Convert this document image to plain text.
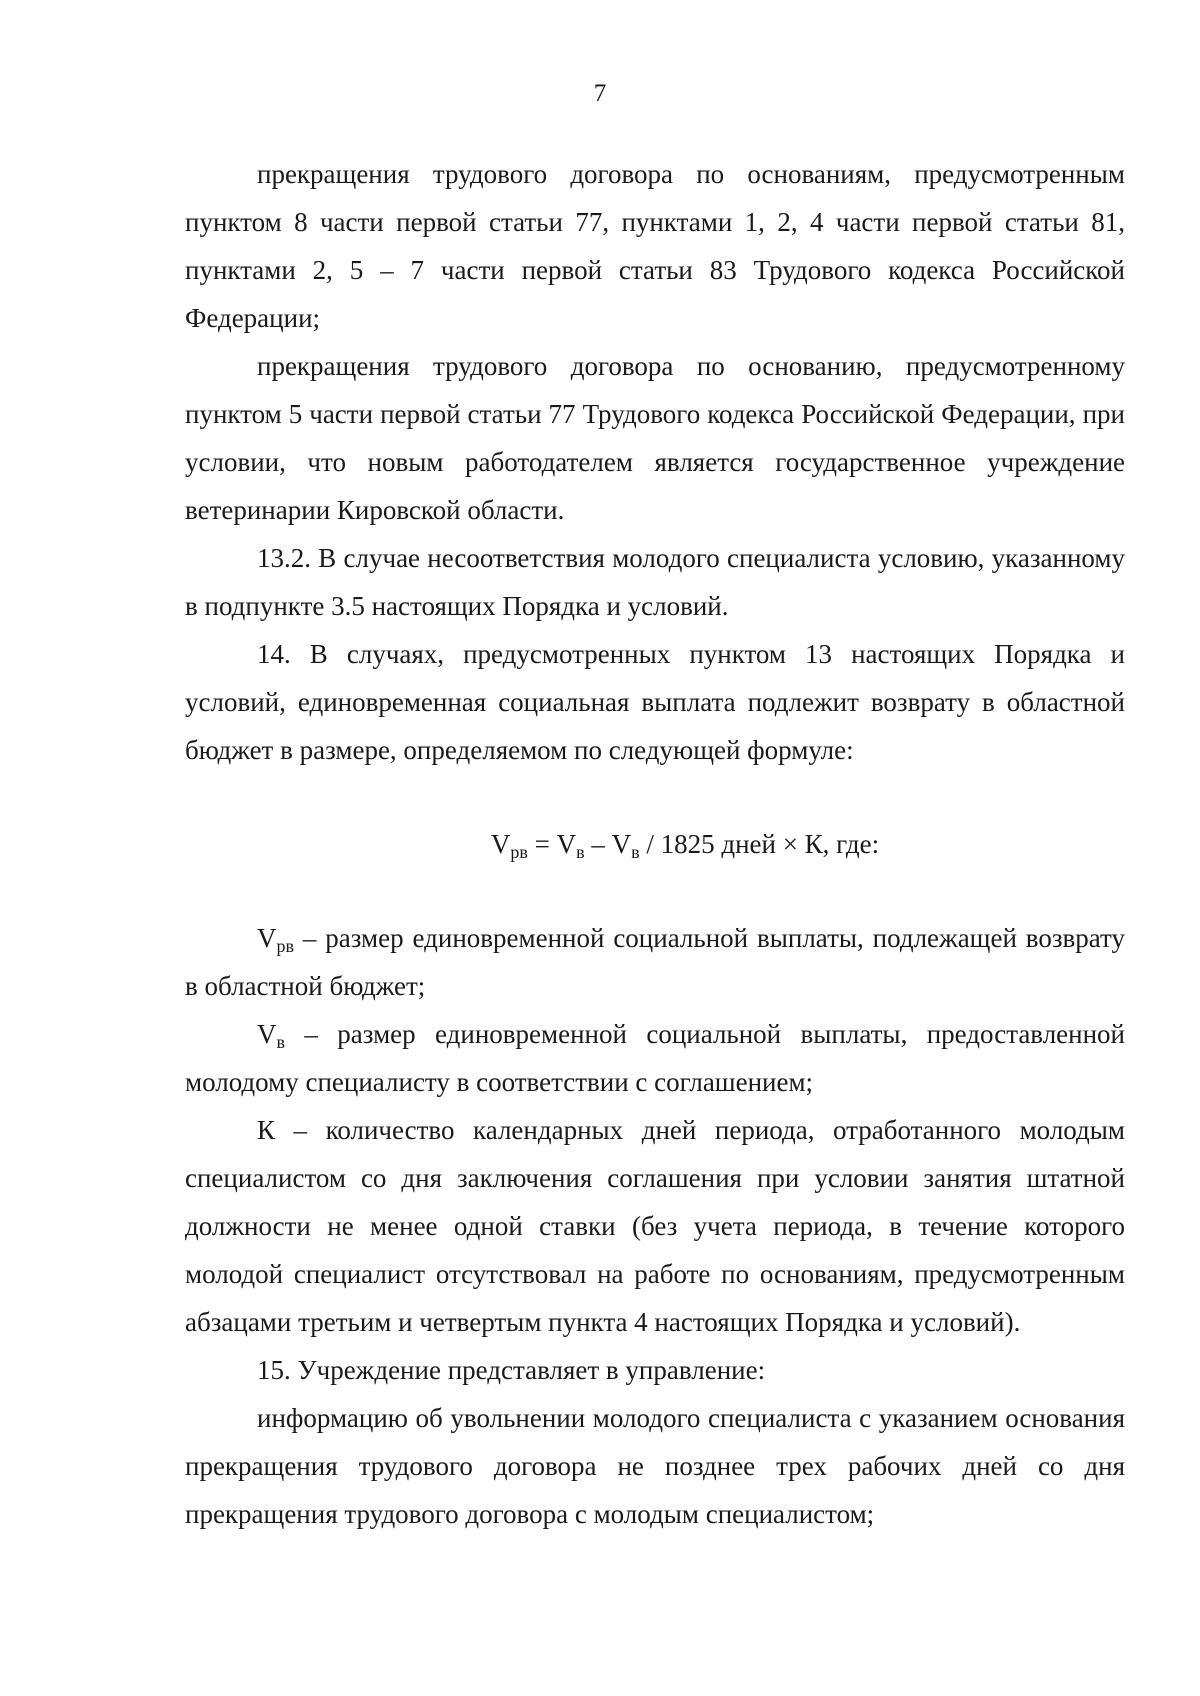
7

прекращения трудового договора по основаниям, предусмотренным пунктом 8 части первой статьи 77, пунктами 1, 2, 4 части первой статьи 81, пунктами 2, 5 – 7 части первой статьи 83 Трудового кодекса Российской Федерации;

прекращения трудового договора по основанию, предусмотренному пунктом 5 части первой статьи 77 Трудового кодекса Российской Федерации, при условии, что новым работодателем является государственное учреждение ветеринарии Кировской области.

13.2. В случае несоответствия молодого специалиста условию, указанному в подпункте 3.5 настоящих Порядка и условий.

14. В случаях, предусмотренных пунктом 13 настоящих Порядка и условий, единовременная социальная выплата подлежит возврату в областной бюджет в размере, определяемом по следующей формуле:

$V_{рв} = V_в - V_в / 1825$ дней × К, где:

$V_{рв}$ – размер единовременной социальной выплаты, подлежащей возврату в областной бюджет;

$V_в$ – размер единовременной социальной выплаты, предоставленной молодому специалисту в соответствии с соглашением;

К – количество календарных дней периода, отработанного молодым специалистом со дня заключения соглашения при условии занятия штатной должности не менее одной ставки (без учета периода, в течение которого молодой специалист отсутствовал на работе по основаниям, предусмотренным абзацами третьим и четвертым пункта 4 настоящих Порядка и условий).

15. Учреждение представляет в управление:

информацию об увольнении молодого специалиста с указанием основания прекращения трудового договора не позднее трех рабочих дней со дня прекращения трудового договора с молодым специалистом;
